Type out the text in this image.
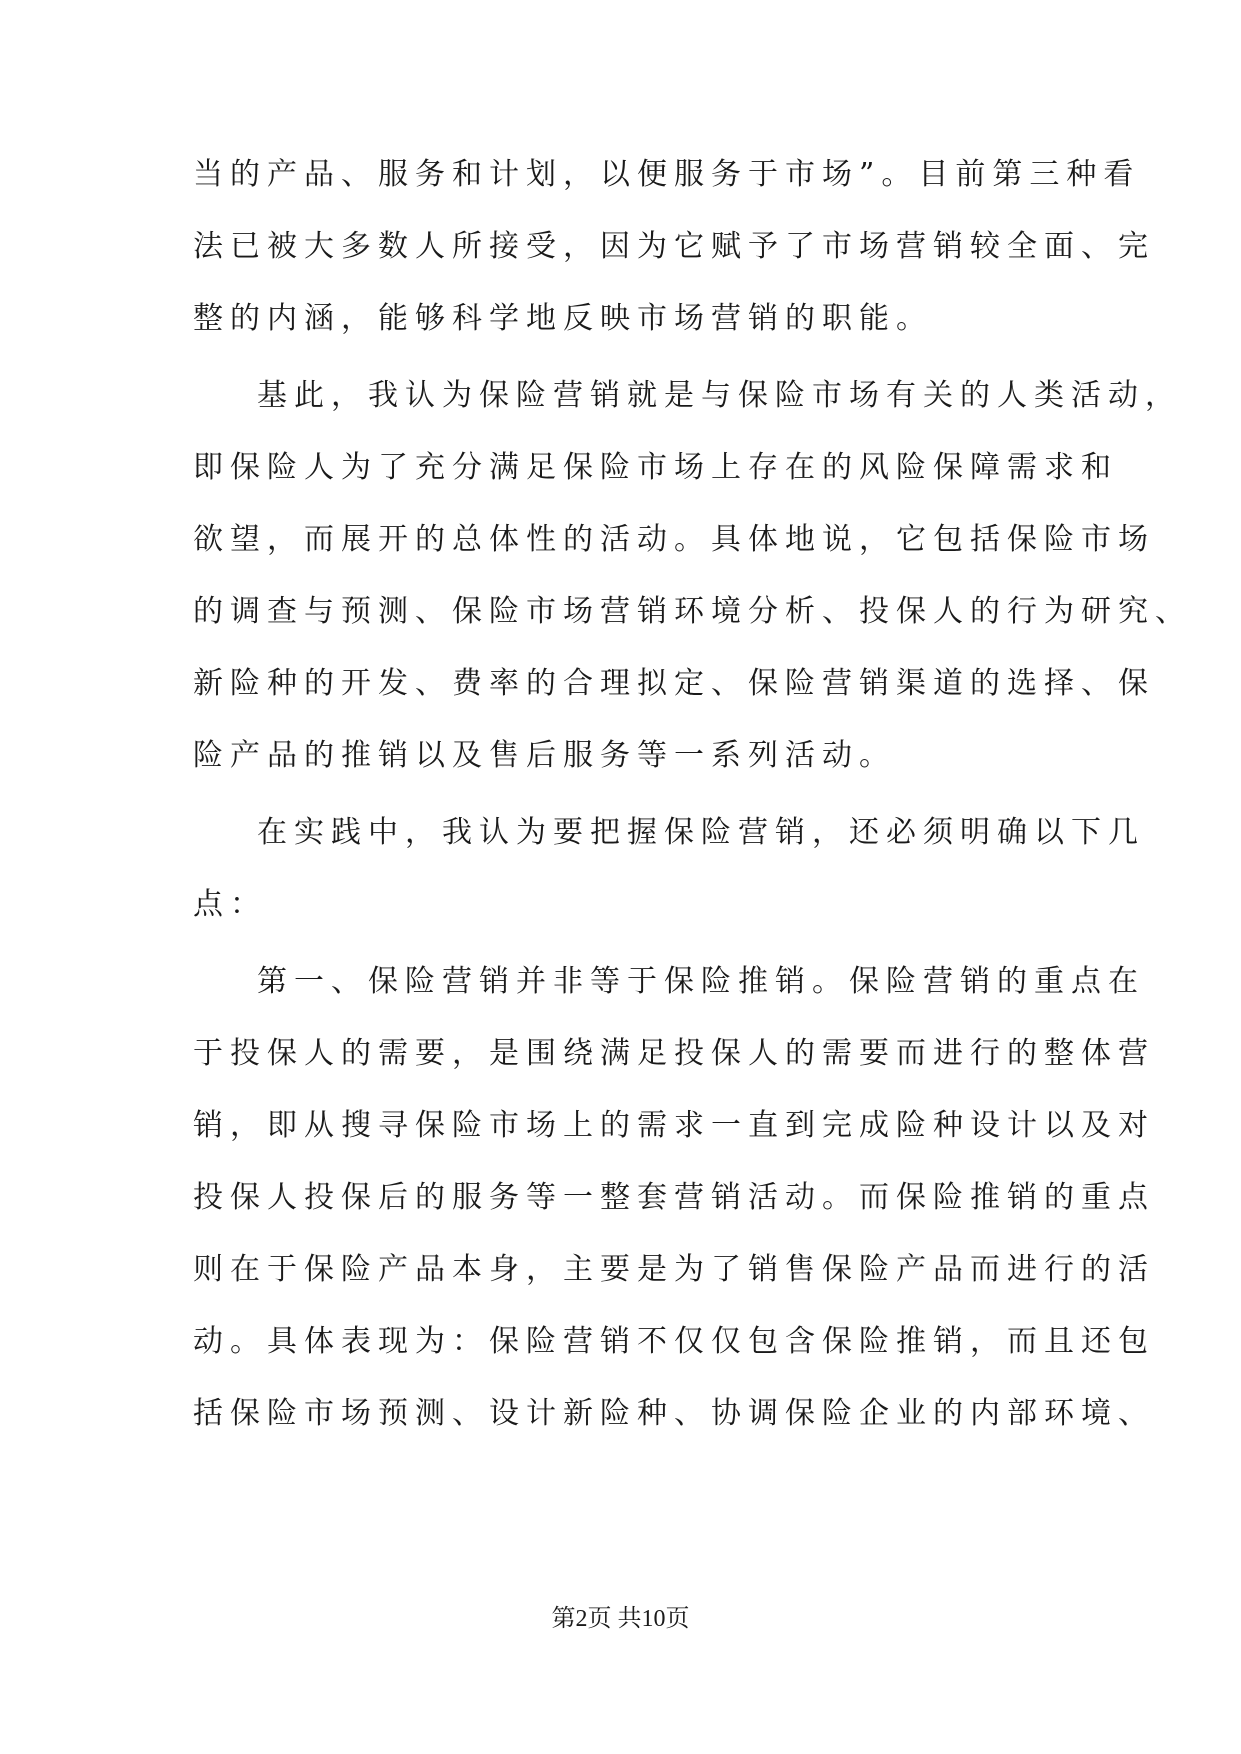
当的产品、服务和计划，以便服务于市场”。目前第三种看
法已被大多数人所接受，因为它赋予了市场营销较全面、完
整的内涵，能够科学地反映市场营销的职能。
基此，我认为保险营销就是与保险市场有关的人类活动，
即保险人为了充分满足保险市场上存在的风险保障需求和
欲望，而展开的总体性的活动。具体地说，它包括保险市场
的调查与预测、保险市场营销环境分析、投保人的行为研究、
新险种的开发、费率的合理拟定、保险营销渠道的选择、保
险产品的推销以及售后服务等一系列活动。
在实践中，我认为要把握保险营销，还必须明确以下几
点：
第一、保险营销并非等于保险推销。保险营销的重点在
于投保人的需要，是围绕满足投保人的需要而进行的整体营
销，即从搜寻保险市场上的需求一直到完成险种设计以及对
投保人投保后的服务等一整套营销活动。而保险推销的重点
则在于保险产品本身，主要是为了销售保险产品而进行的活
动。具体表现为：保险营销不仅仅包含保险推销，而且还包
括保险市场预测、设计新险种、协调保险企业的内部环境、
第2页 共10页
